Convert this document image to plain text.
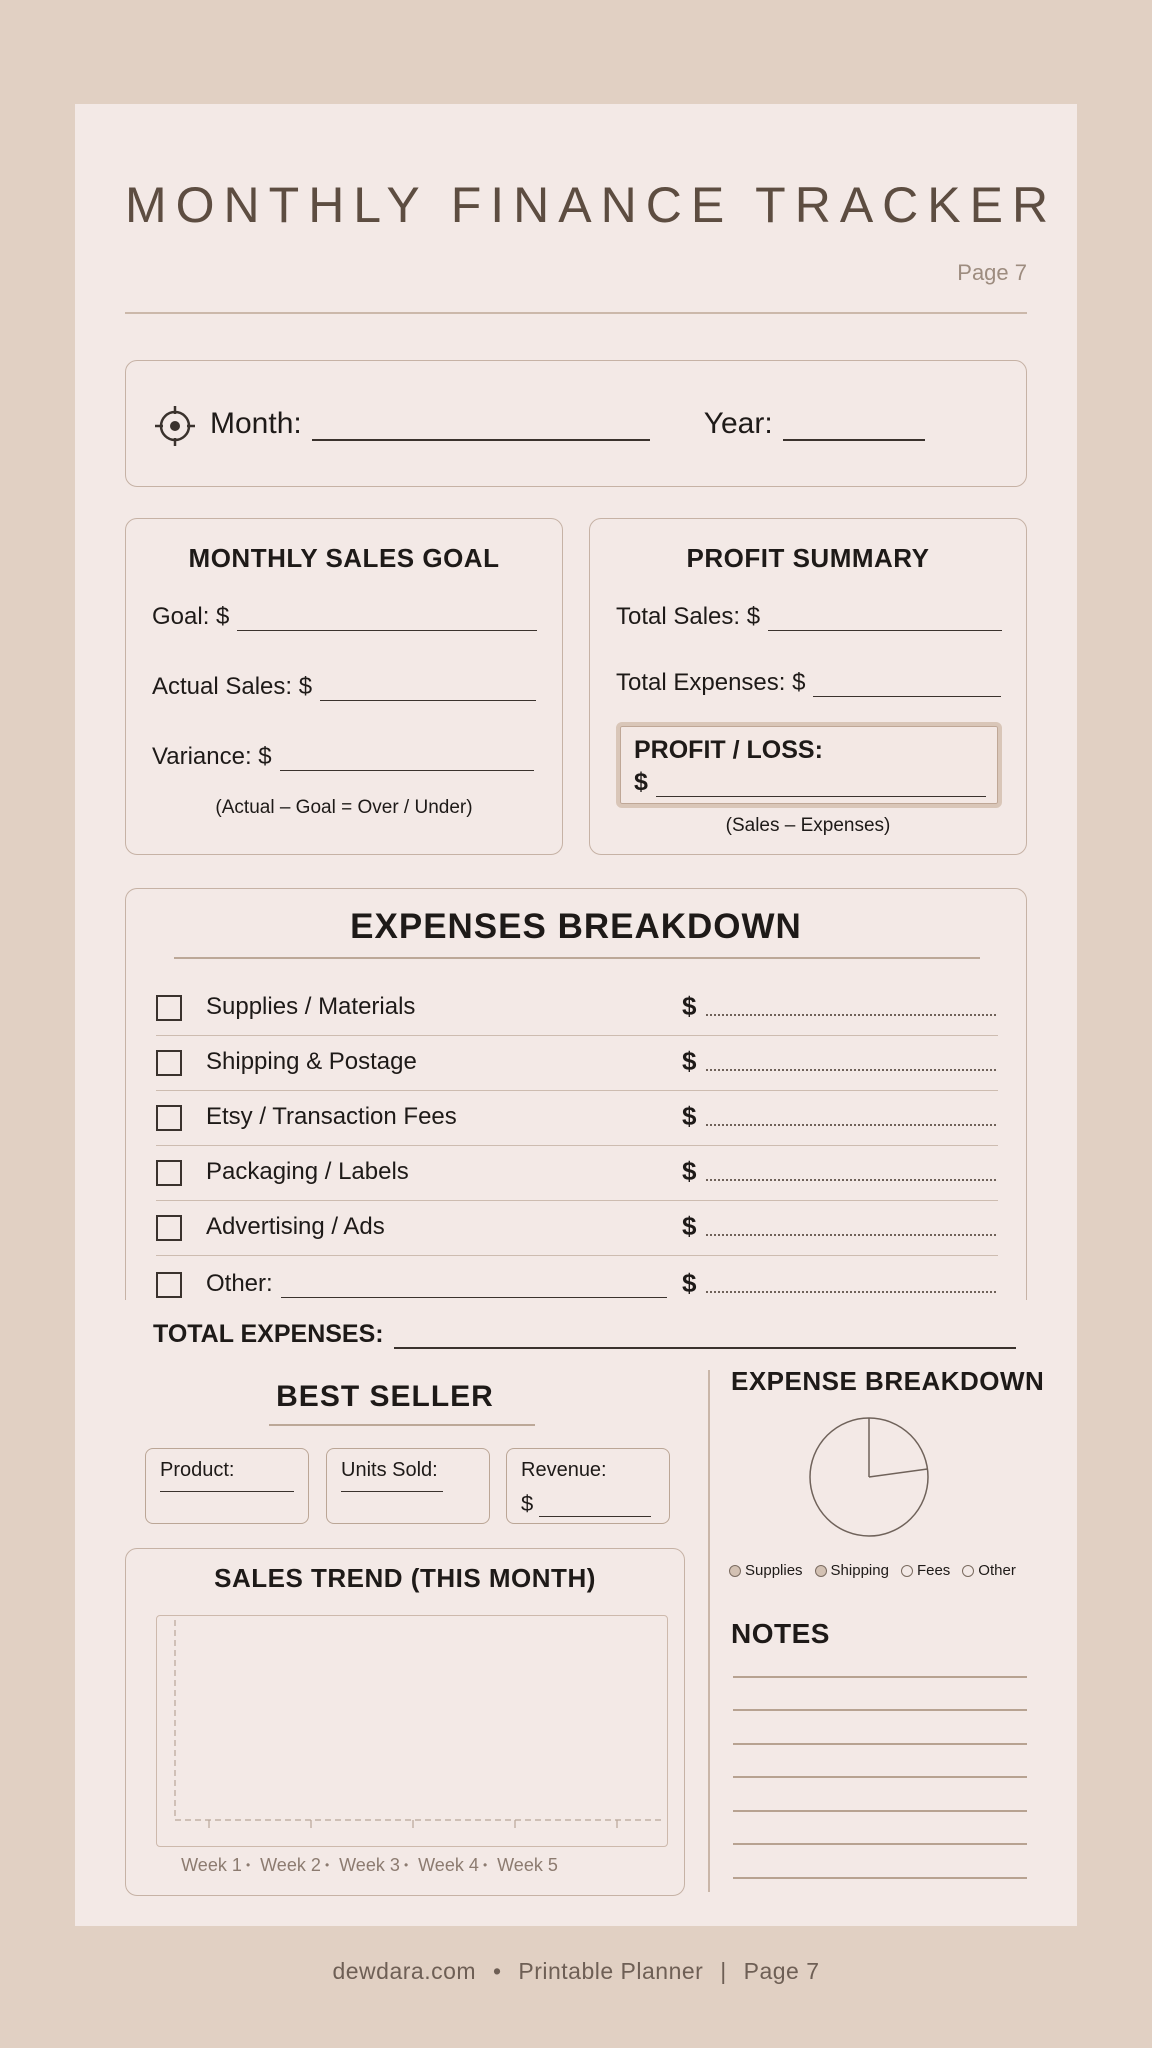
MONTHLY FINANCE TRACKER
Page 7
Month:	Year:
MONTHLY SALES GOAL
Goal: $
Actual Sales: $
Variance: $
(Actual – Goal = Over / Under)
PROFIT SUMMARY
Total Sales: $
Total Expenses: $
PROFIT / LOSS:
$
(Sales – Expenses)
EXPENSES BREAKDOWN
Supplies / Materials	$
Shipping & Postage	$
Etsy / Transaction Fees	$
Packaging / Labels	$
Advertising / Ads	$
Other:	$
TOTAL EXPENSES:
BEST SELLER
Product:	Units Sold:	Revenue:
$
SALES TREND (THIS MONTH)
Week 1	• Week 2	• Week 3	• Week 4	• Week 5
EXPENSE BREAKDOWN
Supplies Shipping Fees Other
NOTES
dewdara.com • Printable Planner | Page 7
